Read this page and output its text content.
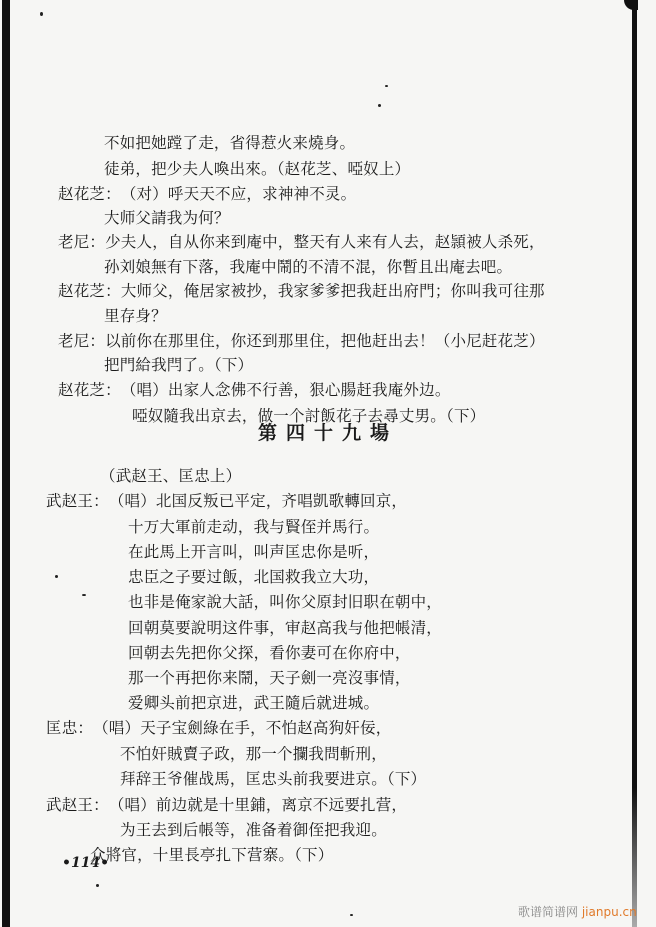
不如把她蹚了走，省得惹火来燒身。
徒弟，把少夫人喚出來。（赵花芝、啞奴上）
赵花芝：（对）呼天天不应，求神神不灵。
大师父請我为何？
老尼：少夫人，自从你来到庵中，整天有人来有人去，赵頴被人杀死，
孙刘娘無有下落，我庵中鬧的不清不混，你暫且出庵去吧。
赵花芝：大师父，俺居家被抄，我家爹爹把我赶出府門；你叫我可往那
里存身？
老尼：以前你在那里住，你还到那里住，把他赶出去！（小尼赶花芝）
把門給我閂了。（下）
赵花芝：（唱）出家人念佛不行善，狠心腸赶我庵外边。
啞奴隨我出京去，做一个討飯花子去尋丈男。（下）
第四十九場
（武赵王、匡忠上）
武赵王：（唱）北国反叛已平定，齐唱凱歌轉回京，
十万大軍前走动，我与賢侄并馬行。
在此馬上开言叫，叫声匡忠你是听，
忠臣之子要过飯，北国救我立大功，
也非是俺家說大話，叫你父原封旧职在朝中，
回朝莫要說明这件事，审赵高我与他把帳清，
回朝去先把你父探，看你妻可在你府中，
那一个再把你来鬧，天子劍一亮沒事情，
爱卿头前把京进，武王隨后就进城。
匡忠：（唱）天子宝劍綠在手，不怕赵高狗奸佞，
不怕奸賊賣子政，那一个攔我問斬刑，
拜辞王爷催战馬，匡忠头前我要进京。（下）
武赵王：（唱）前边就是十里鋪，离京不远要扎营，
为王去到后帳等，准备着御侄把我迎。
众將官，十里長亭扎下营寨。（下）
•114•
歌谱简谱网 jianpu.cn
